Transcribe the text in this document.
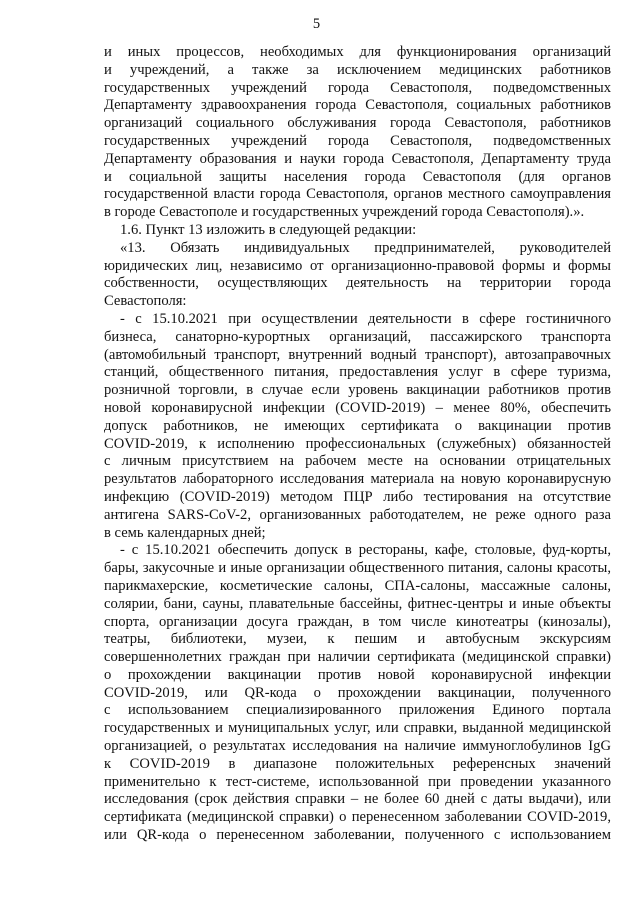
5
и иных процессов, необходимых для функционирования организаций
и учреждений, а также за исключением медицинских работников
государственных учреждений города Севастополя, подведомственных
Департаменту здравоохранения города Севастополя, социальных работников
организаций социального обслуживания города Севастополя, работников
государственных учреждений города Севастополя, подведомственных
Департаменту образования и науки города Севастополя, Департаменту труда
и социальной защиты населения города Севастополя (для органов
государственной власти города Севастополя, органов местного самоуправления
в городе Севастополе и государственных учреждений города Севастополя).».
1.6. Пункт 13 изложить в следующей редакции:
«13. Обязать индивидуальных предпринимателей, руководителей
юридических лиц, независимо от организационно-правовой формы и формы
собственности, осуществляющих деятельность на территории города
Севастополя:
- с 15.10.2021 при осуществлении деятельности в сфере гостиничного
бизнеса, санаторно-курортных организаций, пассажирского транспорта
(автомобильный транспорт, внутренний водный транспорт), автозаправочных
станций, общественного питания, предоставления услуг в сфере туризма,
розничной торговли, в случае если уровень вакцинации работников против
новой коронавирусной инфекции (COVID-2019) – менее 80%, обеспечить
допуск работников, не имеющих сертификата о вакцинации против
COVID-2019, к исполнению профессиональных (служебных) обязанностей
с личным присутствием на рабочем месте на основании отрицательных
результатов лабораторного исследования материала на новую коронавирусную
инфекцию (COVID-2019) методом ПЦР либо тестирования на отсутствие
антигена SARS-CoV-2, организованных работодателем, не реже одного раза
в семь календарных дней;
- с 15.10.2021 обеспечить допуск в рестораны, кафе, столовые, фуд-корты,
бары, закусочные и иные организации общественного питания, салоны красоты,
парикмахерские, косметические салоны, СПА-салоны, массажные салоны,
солярии, бани, сауны, плавательные бассейны, фитнес-центры и иные объекты
спорта, организации досуга граждан, в том числе кинотеатры (кинозалы),
театры, библиотеки, музеи, к пешим и автобусным экскурсиям
совершеннолетних граждан при наличии сертификата (медицинской справки)
о прохождении вакцинации против новой коронавирусной инфекции
COVID-2019, или QR-кода о прохождении вакцинации, полученного
с использованием специализированного приложения Единого портала
государственных и муниципальных услуг, или справки, выданной медицинской
организацией, о результатах исследования на наличие иммуноглобулинов IgG
к COVID-2019 в диапазоне положительных референсных значений
применительно к тест-системе, использованной при проведении указанного
исследования (срок действия справки – не более 60 дней с даты выдачи), или
сертификата (медицинской справки) о перенесенном заболевании COVID-2019,
или QR-кода о перенесенном заболевании, полученного с использованием
